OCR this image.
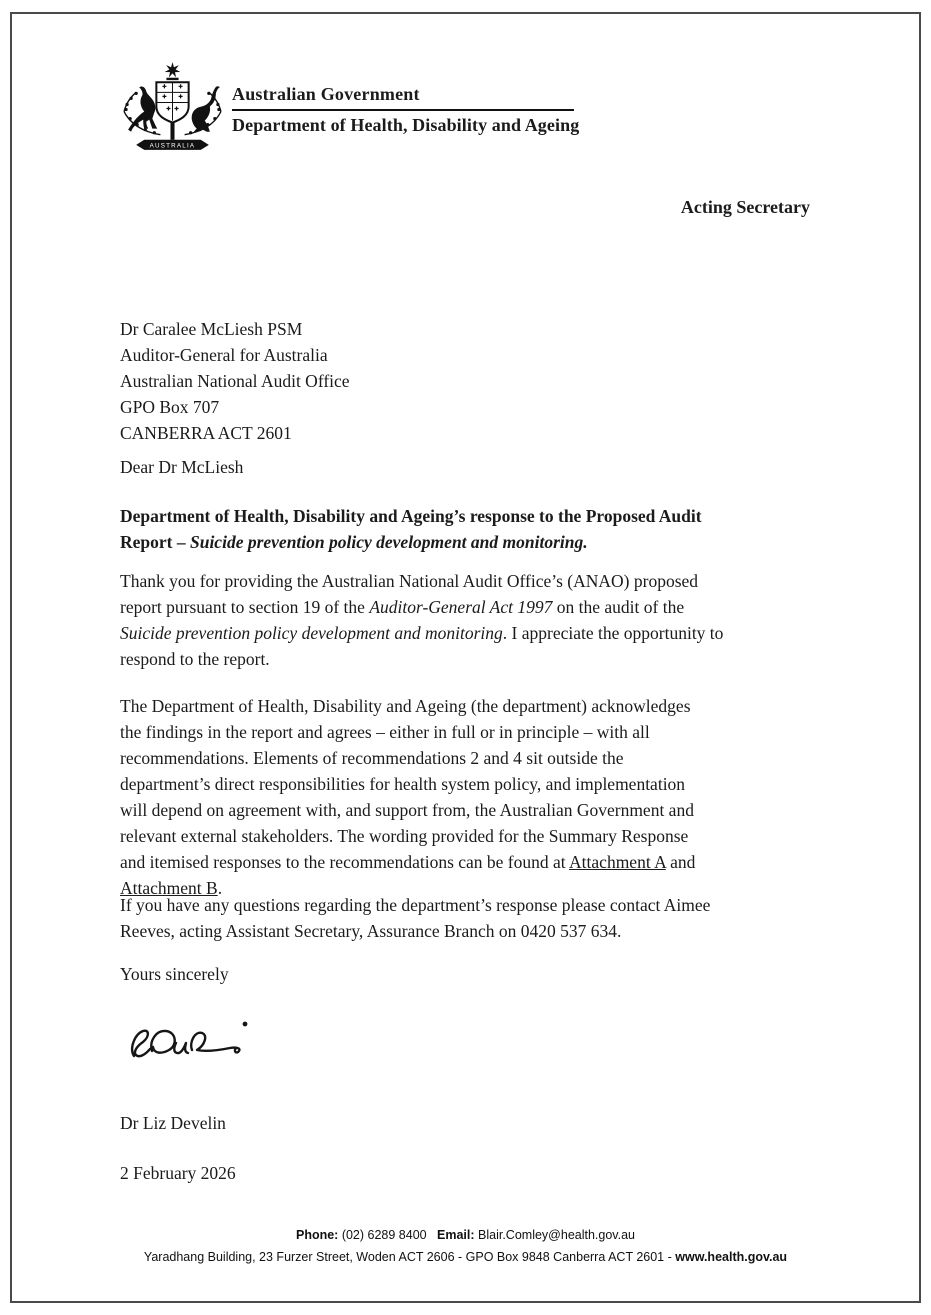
AUSTRALIA
Australian Government
Department of Health, Disability and Ageing
Acting Secretary
Dr Caralee McLiesh PSM
Auditor-General for Australia
Australian National Audit Office
GPO Box 707
CANBERRA ACT 2601
Dear Dr McLiesh
Department of Health, Disability and Ageing’s response to the Proposed Audit
Report – Suicide prevention policy development and monitoring.
Thank you for providing the Australian National Audit Office’s (ANAO) proposed
report pursuant to section 19 of the Auditor-General Act 1997 on the audit of the
Suicide prevention policy development and monitoring. I appreciate the opportunity to
respond to the report.
The Department of Health, Disability and Ageing (the department) acknowledges
the findings in the report and agrees – either in full or in principle – with all
recommendations. Elements of recommendations 2 and 4 sit outside the
department’s direct responsibilities for health system policy, and implementation
will depend on agreement with, and support from, the Australian Government and
relevant external stakeholders. The wording provided for the Summary Response
and itemised responses to the recommendations can be found at Attachment A and
Attachment B.
If you have any questions regarding the department’s response please contact Aimee
Reeves, acting Assistant Secretary, Assurance Branch on 0420 537 634.
Yours sincerely
Dr Liz Develin
2 February 2026
Phone: (02) 6289 8400   Email: Blair.Comley@health.gov.au
Yaradhang Building, 23 Furzer Street, Woden ACT 2606 - GPO Box 9848 Canberra ACT 2601 - www.health.gov.au
